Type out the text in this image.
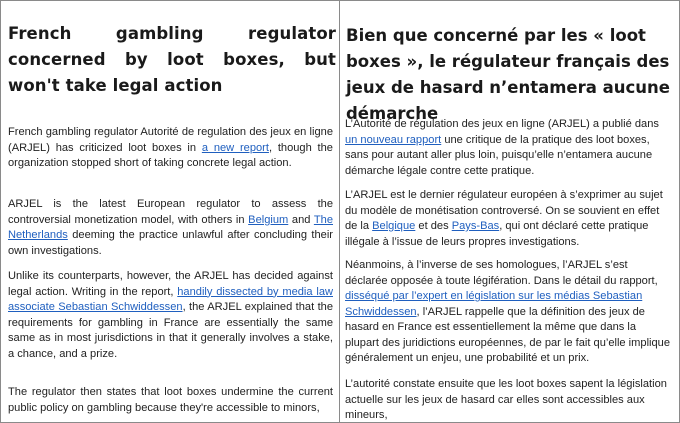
French gambling regulator concerned by loot boxes, but won't take legal action

French gambling regulator Autorité de regulation des jeux en ligne (ARJEL) has criticized loot boxes in a new report, though the organization stopped short of taking concrete legal action.

ARJEL is the latest European regulator to assess the controversial monetization model, with others in Belgium and The Netherlands deeming the practice unlawful after concluding their own investigations.

Unlike its counterparts, however, the ARJEL has decided against legal action. Writing in the report, handily dissected by media law associate Sebastian Schwiddessen, the ARJEL explained that the requirements for gambling in France are essentially the same same as in most jurisdictions in that it generally involves a stake, a chance, and a prize.

The regulator then states that loot boxes undermine the current public policy on gambling because they're accessible to minors,

Bien que concerné par les « loot boxes », le régulateur français des jeux de hasard n’entamera aucune démarche

L’Autorité de régulation des jeux en ligne (ARJEL) a publié dans un nouveau rapport une critique de la pratique des loot boxes, sans pour autant aller plus loin, puisqu’elle n’entamera aucune démarche légale contre cette pratique.

L’ARJEL est le dernier régulateur européen à s’exprimer au sujet du modèle de monétisation controversé. On se souvient en effet de la Belgique et des Pays-Bas, qui ont déclaré cette pratique illégale à l’issue de leurs propres investigations.

Néanmoins, à l’inverse de ses homologues, l’ARJEL s’est déclarée opposée à toute légifération. Dans le détail du rapport, disséqué par l’expert en législation sur les médias Sebastian Schwiddessen, l’ARJEL rappelle que la définition des jeux de hasard en France est essentiellement la même que dans la plupart des juridictions européennes, de par le fait qu’elle implique généralement un enjeu, une probabilité et un prix.

L’autorité constate ensuite que les loot boxes sapent la législation actuelle sur les jeux de hasard car elles sont accessibles aux mineurs,
